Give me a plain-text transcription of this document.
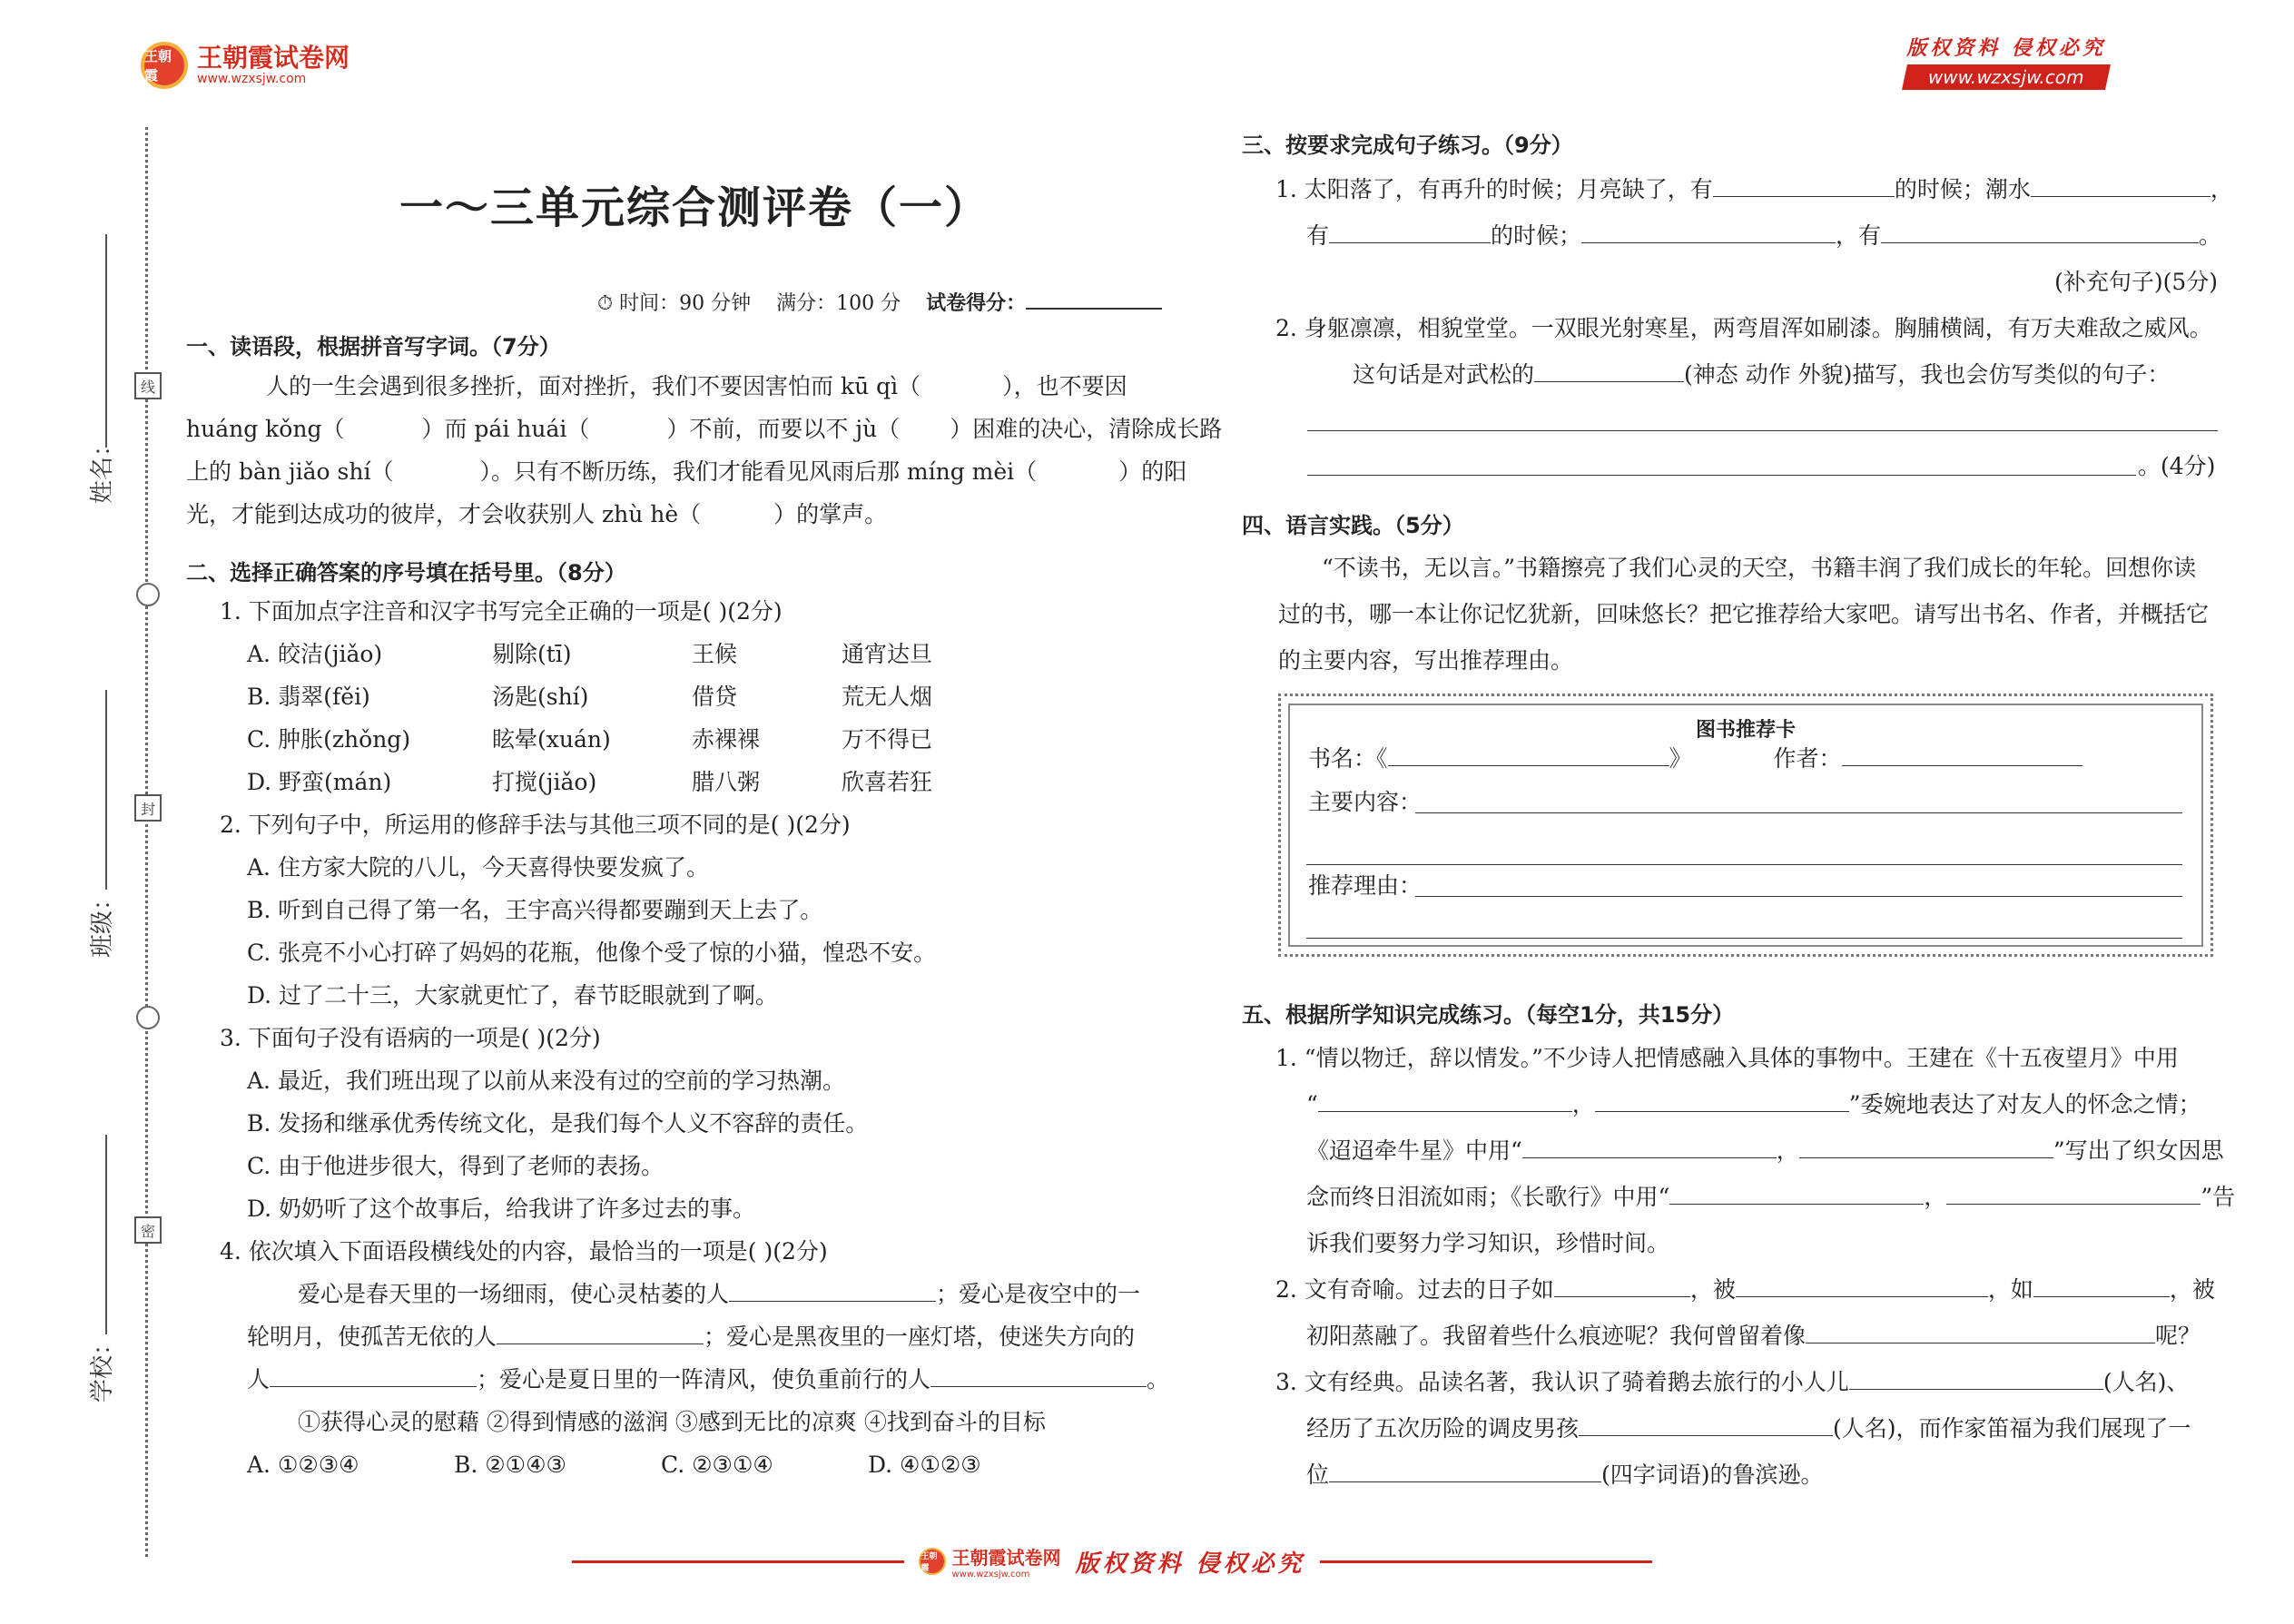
王朝霞
王朝霞试卷网
www.wzxsjw.com
版权资料 侵权必究
www.wzxsjw.com
姓名：
班级：
学校：
线
封
密
一～三单元综合测评卷（一）
⏱ 时间：90 分钟 满分：100 分 试卷得分：
一、读语段，根据拼音写字词。（7分）
人的一生会遇到很多挫折，面对挫折，我们不要因害怕而 kū qì（	），也不要因
huáng kǒng（	）而 pái huái（	）不前，而要以不 jù（ ）困难的决心，清除成长路
上的 bàn jiǎo shí（	）。只有不断历练，我们才能看见风雨后那 míng mèi（	）的阳
光，才能到达成功的彼岸，才会收获别人 zhù hè（	）的掌声。
二、选择正确答案的序号填在括号里。（8分）
1. 下面加点字注音和汉字书写完全正确的一项是( )(2分)
A. 皎洁(jiǎo)	剔除(tī)	王候	通宵达旦
B. 翡翠(fěi)	汤匙(shí)	借贷	荒无人烟
C. 肿胀(zhǒng)	眩晕(xuán)	赤裸裸	万不得已
D. 野蛮(mán)	打搅(jiǎo)	腊八粥	欣喜若狂
2. 下列句子中，所运用的修辞手法与其他三项不同的是( )(2分)
A. 住方家大院的八儿，今天喜得快要发疯了。
B. 听到自己得了第一名，王宇高兴得都要蹦到天上去了。
C. 张亮不小心打碎了妈妈的花瓶，他像个受了惊的小猫，惶恐不安。
D. 过了二十三，大家就更忙了，春节眨眼就到了啊。
3. 下面句子没有语病的一项是( )(2分)
A. 最近，我们班出现了以前从来没有过的空前的学习热潮。
B. 发扬和继承优秀传统文化，是我们每个人义不容辞的责任。
C. 由于他进步很大，得到了老师的表扬。
D. 奶奶听了这个故事后，给我讲了许多过去的事。
4. 依次填入下面语段横线处的内容，最恰当的一项是( )(2分)
爱心是春天里的一场细雨，使心灵枯萎的人	；爱心是夜空中的一
轮明月，使孤苦无依的人	；爱心是黑夜里的一座灯塔，使迷失方向的
人	；爱心是夏日里的一阵清风，使负重前行的人	。
①获得心灵的慰藉 ②得到情感的滋润 ③感到无比的凉爽 ④找到奋斗的目标
A. ①②③④	B. ②①④③	C. ②③①④	D. ④①②③
三、按要求完成句子练习。（9分）
1. 太阳落了，有再升的时候；月亮缺了，有	的时候；潮水	，
有	的时候；	，有	。
(补充句子)(5分)
2. 身躯凛凛，相貌堂堂。一双眼光射寒星，两弯眉浑如刷漆。胸脯横阔，有万夫难敌之威风。
这句话是对武松的	(神态 动作 外貌)描写，我也会仿写类似的句子：
。(4分)
四、语言实践。（5分）
“不读书，无以言。”书籍擦亮了我们心灵的天空，书籍丰润了我们成长的年轮。回想你读
过的书，哪一本让你记忆犹新，回味悠长？把它推荐给大家吧。请写出书名、作者，并概括它
的主要内容，写出推荐理由。
图书推荐卡
书名：《	》	作者：
主要内容：
推荐理由：
五、根据所学知识完成练习。（每空1分，共15分）
1. “情以物迁，辞以情发。”不少诗人把情感融入具体的事物中。王建在《十五夜望月》中用
“	，	”委婉地表达了对友人的怀念之情；
《迢迢牵牛星》中用“	，	”写出了织女因思
念而终日泪流如雨；《长歌行》中用“	，	”告
诉我们要努力学习知识，珍惜时间。
2. 文有奇喻。过去的日子如	，被	，如	，被
初阳蒸融了。我留着些什么痕迹呢？我何曾留着像	呢？
3. 文有经典。品读名著，我认识了骑着鹅去旅行的小人儿	(人名)、
经历了五次历险的调皮男孩	(人名)，而作家笛福为我们展现了一
位	(四字词语)的鲁滨逊。
王朝霞	王朝霞试卷网
www.wzxsjw.com	版权资料 侵权必究
